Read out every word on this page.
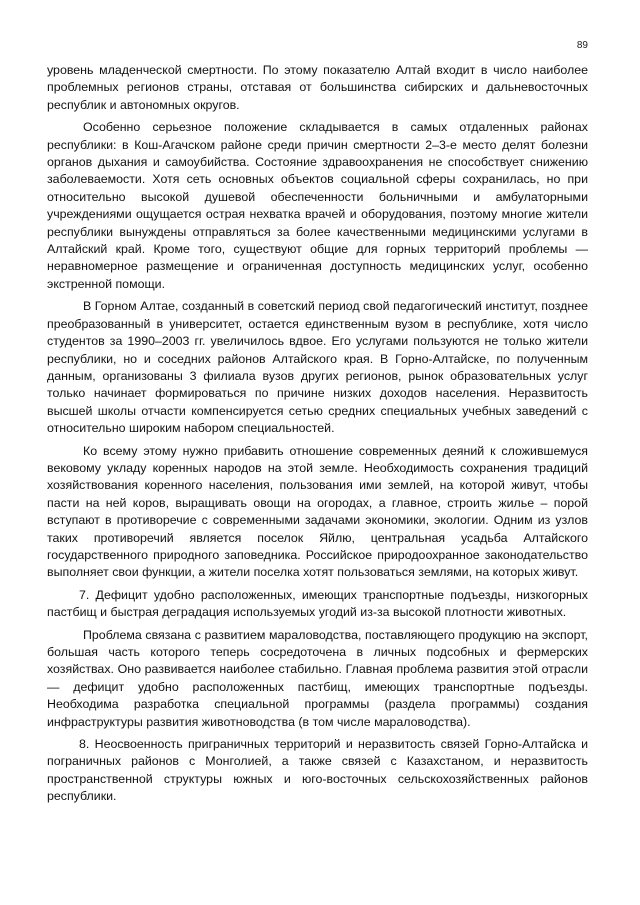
89

уровень младенческой смертности. По этому показателю Алтай входит в число наиболее проблемных регионов страны, отставая от большинства сибирских и дальневосточных республик и автономных округов.

Особенно серьезное положение складывается в самых отдаленных районах республики: в Кош-Агачском районе среди причин смертности 2–3-е место делят болезни органов дыхания и самоубийства. Состояние здравоохранения не способствует снижению заболеваемости. Хотя сеть основных объектов социальной сферы сохранилась, но при относительно высокой душевой обеспеченности больничными и амбулаторными учреждениями ощущается острая нехватка врачей и оборудования, поэтому многие жители республики вынуждены отправляться за более качественными медицинскими услугами в Алтайский край. Кроме того, существуют общие для горных территорий проблемы — неравномерное размещение и ограниченная доступность медицинских услуг, особенно экстренной помощи.

В Горном Алтае, созданный в советский период свой педагогический институт, позднее преобразованный в университет, остается единственным вузом в республике, хотя число студентов за 1990–2003 гг. увеличилось вдвое. Его услугами пользуются не только жители республики, но и соседних районов Алтайского края. В Горно-Алтайске, по полученным данным, организованы 3 филиала вузов других регионов, рынок образовательных услуг только начинает формироваться по причине низких доходов населения. Неразвитость высшей школы отчасти компенсируется сетью средних специальных учебных заведений с относительно широким набором специальностей.

Ко всему этому нужно прибавить отношение современных деяний к сложившемуся вековому укладу коренных народов на этой земле. Необходимость сохранения традиций хозяйствования коренного населения, пользования ими землей, на которой живут, чтобы пасти на ней коров, выращивать овощи на огородах, а главное, строить жилье – порой вступают в противоречие с современными задачами экономики, экологии. Одним из узлов таких противоречий является поселок Яйлю, центральная усадьба Алтайского государственного природного заповедника. Российское природоохранное законодательство выполняет свои функции, а жители поселка хотят пользоваться землями, на которых живут.

7. Дефицит удобно расположенных, имеющих транспортные подъезды, низкогорных пастбищ и быстрая деградация используемых угодий из-за высокой плотности животных.

Проблема связана с развитием мараловодства, поставляющего продукцию на экспорт, большая часть которого теперь сосредоточена в личных подсобных и фермерских хозяйствах. Оно развивается наиболее стабильно. Главная проблема развития этой отрасли — дефицит удобно расположенных пастбищ, имеющих транспортные подъезды. Необходима разработка специальной программы (раздела программы) создания инфраструктуры развития животноводства (в том числе мараловодства).

8. Неосвоенность приграничных территорий и неразвитость связей Горно-Алтайска и пограничных районов с Монголией, а также связей с Казахстаном, и неразвитость пространственной структуры южных и юго-восточных сельскохозяйственных районов республики.
